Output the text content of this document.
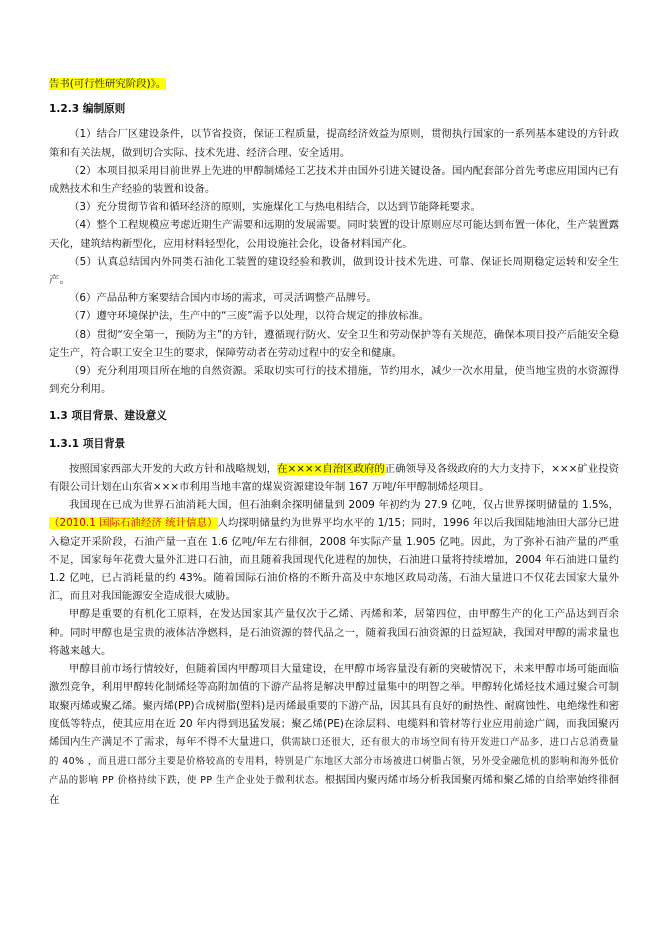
告书(可行性研究阶段)》。

1.2.3 编制原则

（1）结合厂区建设条件，以节省投资，保证工程质量，提高经济效益为原则，贯彻执行国家的一系列基本建设的方针政策和有关法规，做到切合实际、技术先进、经济合理、安全适用。

（2）本项目拟采用目前世界上先进的甲醇制烯烃工艺技术并由国外引进关键设备。国内配套部分首先考虑应用国内已有成熟技术和生产经验的装置和设备。

（3）充分贯彻节省和循环经济的原则，实施煤化工与热电相结合，以达到节能降耗要求。

（4）整个工程规模应考虑近期生产需要和远期的发展需要。同时装置的设计原则应尽可能达到布置一体化，生产装置露天化，建筑结构新型化，应用材料轻型化，公用设施社会化，设备材料国产化。

（5）认真总结国内外同类石油化工装置的建设经验和教训，做到设计技术先进、可靠、保证长周期稳定运转和安全生产。

（6）产品品种方案要结合国内市场的需求，可灵活调整产品牌号。

（7）遵守环境保护法，生产中的“三废”需予以处理，以符合规定的排放标准。

（8）贯彻“安全第一，预防为主”的方针，遵循现行防火、安全卫生和劳动保护等有关规范，确保本项目投产后能安全稳定生产，符合职工安全卫生的要求，保障劳动者在劳动过程中的安全和健康。

（9）充分利用项目所在地的自然资源。采取切实可行的技术措施，节约用水，减少一次水用量，使当地宝贵的水资源得到充分利用。

1.3 项目背景、建设意义

1.3.1 项目背景

按照国家西部大开发的大政方针和战略规划，在××××自治区政府的正确领导及各级政府的大力支持下，×××矿业投资有限公司计划在山东省×××市利用当地丰富的煤炭资源建设年制 167 万吨/年甲醇制烯烃项目。

我国现在已成为世界石油消耗大国，但石油剩余探明储量到 2009 年初约为 27.9 亿吨，仅占世界探明储量的 1.5%，（2010.1 国际石油经济 统计信息）人均探明储量约为世界平均水平的 1/15；同时，1996 年以后我国陆地油田大部分已进入稳定开采阶段，石油产量一直在 1.6 亿吨/年左右徘徊，2008 年实际产量 1.905 亿吨。因此，为了弥补石油产量的严重不足，国家每年花费大量外汇进口石油，而且随着我国现代化进程的加快，石油进口量将持续增加，2004 年石油进口量约 1.2 亿吨，已占消耗量的约 43%。随着国际石油价格的不断升高及中东地区政局动荡，石油大量进口不仅花去国家大量外汇，而且对我国能源安全造成很大威胁。

甲醇是重要的有机化工原料，在发达国家其产量仅次于乙烯、丙烯和苯，居第四位，由甲醇生产的化工产品达到百余种。同时甲醇也是宝贵的液体洁净燃料，是石油资源的替代品之一，随着我国石油资源的日益短缺，我国对甲醇的需求量也将越来越大。

甲醇目前市场行情较好，但随着国内甲醇项目大量建设，在甲醇市场容量没有新的突破情况下，未来甲醇市场可能面临激烈竞争，利用甲醇转化制烯烃等高附加值的下游产品将是解决甲醇过量集中的明智之举。甲醇转化烯烃技术通过聚合可制取聚丙烯或聚乙烯。聚丙烯(PP)合成树脂(塑料)是丙烯最重要的下游产品，因其具有良好的耐热性、耐腐蚀性、电绝缘性和密度低等特点，使其应用在近 20 年内得到迅猛发展；聚乙烯(PE)在涂层料、电缆料和管材等行业应用前途广阔，而我国聚丙烯国内生产满足不了需求，每年不得不大量进口，供需缺口还很大，还有很大的市场空间有待开发进口产品多，进口占总消费量的 40% ，而且进口部分主要是价格较高的专用料，特别是广东地区大部分市场被进口树脂占领，另外受金融危机的影响和海外低价产品的影响 PP 价格持续下跌，使 PP 生产企业处于微利状态。根据国内聚丙烯市场分析我国聚丙烯和聚乙烯的自给率始终徘徊在
